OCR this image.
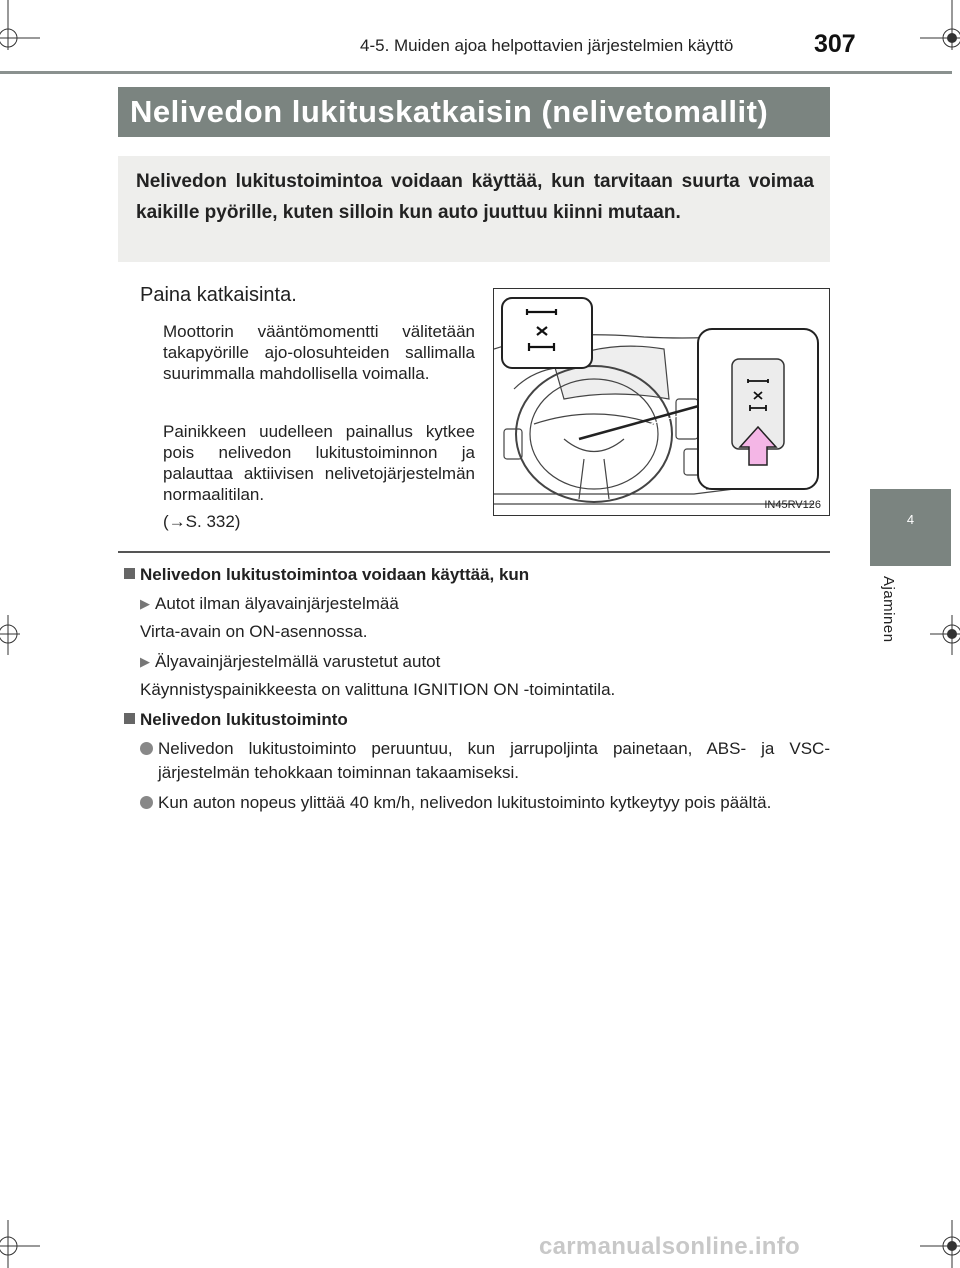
4-5. Muiden ajoa helpottavien järjestelmien käyttö	307
Nelivedon lukituskatkaisin (nelivetomallit)
Nelivedon lukitustoimintoa voidaan käyttää, kun tarvitaan suurta voimaa kaikille pyörille, kuten silloin kun auto juuttuu kiinni mutaan.
Paina katkaisinta.
Moottorin vääntömomentti välitetään takapyörille ajo-olosuhteiden sallimalla suurimmalla mahdollisella voimalla.
Painikkeen uudelleen painallus kytkee pois nelivedon lukitustoiminnon ja palauttaa aktiivisen nelivetojärjestelmän normaalitilan.
(→S. 332)
IN45RV126
Nelivedon lukitustoimintoa voidaan käyttää, kun
▶ Autot ilman älyavainjärjestelmää
Virta-avain on ON-asennossa.
▶ Älyavainjärjestelmällä varustetut autot
Käynnistyspainikkeesta on valittuna IGNITION ON -toimintatila.
Nelivedon lukitustoiminto
Nelivedon lukitustoiminto peruuntuu, kun jarrupoljinta painetaan, ABS- ja VSC-järjestelmän tehokkaan toiminnan takaamiseksi.
Kun auton nopeus ylittää 40 km/h, nelivedon lukitustoiminto kytkeytyy pois päältä.
4
Ajaminen
carmanualsonline.info
